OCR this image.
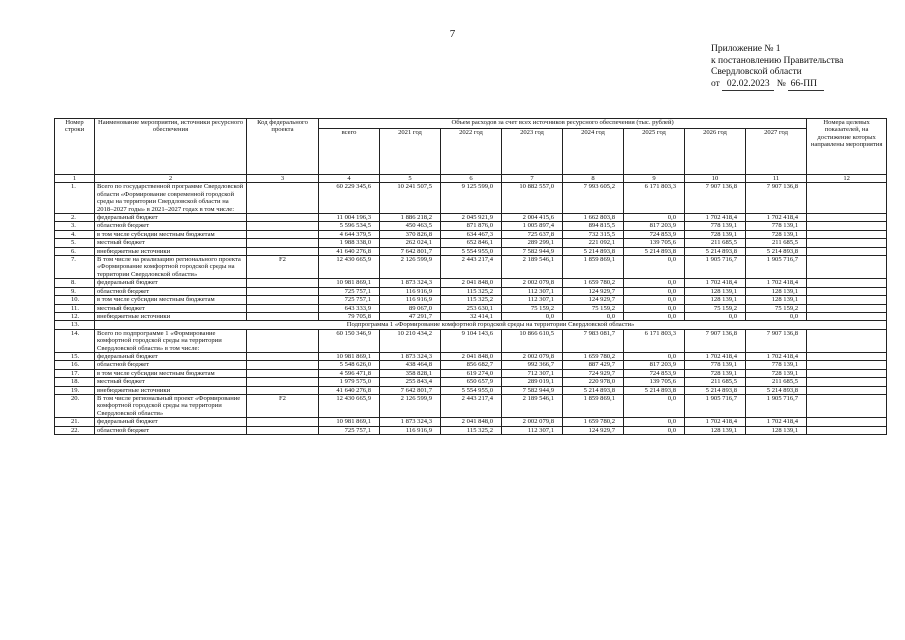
7
Приложение № 1
к постановлению Правительства
Свердловской области
от   02.02.2023   №  66-ПП
Номер строки	Наименование мероприятия, источники ресурсного обеспечения	Код федерального проекта	Объем расходов за счет всех источников ресурсного обеспечения (тыс. рублей)								Номера целевых показателей, на достижение которых направлены мероприятия
			всего	2021 год	2022 год	2023 год	2024 год	2025 год	2026 год	2027 год	
1	2	3	4	5	6	7	8	9	10	11	12
1.	Всего по государственной программе Свердловской области «Формирование современной городской среды на территории Свердловской области на 2018–2027 годы» в 2021–2027 годах в том числе:		60 229 345,6	10 241 507,5	9 125 599,0	10 882 557,0	7 993 605,2	6 171 803,3	7 907 136,8	7 907 136,8	
2.	федеральный бюджет		11 004 196,3	1 886 218,2	2 045 921,9	2 004 415,6	1 662 803,8	0,0	1 702 418,4	1 702 418,4	
3.	областной бюджет		5 596 534,5	450 463,5	871 876,0	1 005 897,4	894 815,5	817 203,9	778 139,1	778 139,1	
4.	в том числе субсидии местным бюджетам		4 644 379,5	370 826,8	634 467,3	725 637,8	732 315,5	724 853,9	728 139,1	728 139,1	
5.	местный бюджет		1 988 338,0	262 024,1	652 846,1	289 299,1	221 092,1	139 705,6	211 685,5	211 685,5	
6.	внебюджетные источники		41 640 276,8	7 642 801,7	5 554 955,0	7 582 944,9	5 214 893,8	5 214 893,8	5 214 893,8	5 214 893,8	
7.	В том числе на реализацию регионального проекта «Формирование комфортной городской среды на территории Свердловской области»	F2	12 430 665,9	2 126 599,9	2 443 217,4	2 189 546,1	1 859 869,1	0,0	1 905 716,7	1 905 716,7	
8.	федеральный бюджет		10 981 869,1	1 873 324,3	2 041 848,0	2 002 079,8	1 659 780,2	0,0	1 702 418,4	1 702 418,4	
9.	областной бюджет		725 757,1	116 916,9	115 325,2	112 307,1	124 929,7	0,0	128 139,1	128 139,1	
10.	в том числе субсидии местным бюджетам		725 757,1	116 916,9	115 325,2	112 307,1	124 929,7	0,0	128 139,1	128 139,1	
11.	местный бюджет		643 333,9	89 067,0	253 630,1	75 159,2	75 159,2	0,0	75 159,2	75 159,2	
12.	внебюджетные источники		79 705,8	47 291,7	32 414,1	0,0	0,0	0,0	0,0	0,0	
13.	Подпрограмма 1 «Формирование комфортной городской среды на территории Свердловской области»										
14.	Всего по подпрограмме 1 «Формирование комфортной городской среды на территории Свердловской области» в том числе:		60 150 346,9	10 210 434,2	9 104 143,6	10 866 610,5	7 983 081,7	6 171 803,3	7 907 136,8	7 907 136,8	
15.	федеральный бюджет		10 981 869,1	1 873 324,3	2 041 848,0	2 002 079,8	1 659 780,2	0,0	1 702 418,4	1 702 418,4	
16.	областной бюджет		5 548 626,0	438 464,8	856 682,7	992 366,7	887 429,7	817 203,9	778 139,1	778 139,1	
17.	в том числе субсидии местным бюджетам		4 596 471,8	358 828,1	619 274,0	712 307,1	724 929,7	724 853,9	728 139,1	728 139,1	
18.	местный бюджет		1 979 575,0	255 843,4	650 657,9	289 019,1	220 978,0	139 705,6	211 685,5	211 685,5	
19.	внебюджетные источники		41 640 276,8	7 642 801,7	5 554 955,0	7 582 944,9	5 214 893,8	5 214 893,8	5 214 893,8	5 214 893,8	
20.	В том числе региональный проект «Формирование комфортной городской среды на территории Свердловской области»	F2	12 430 665,9	2 126 599,9	2 443 217,4	2 189 546,1	1 859 869,1	0,0	1 905 716,7	1 905 716,7	
21.	федеральный бюджет		10 981 869,1	1 873 324,3	2 041 848,0	2 002 079,8	1 659 780,2	0,0	1 702 418,4	1 702 418,4	
22.	областной бюджет		725 757,1	116 916,9	115 325,2	112 307,1	124 929,7	0,0	128 139,1	128 139,1	
